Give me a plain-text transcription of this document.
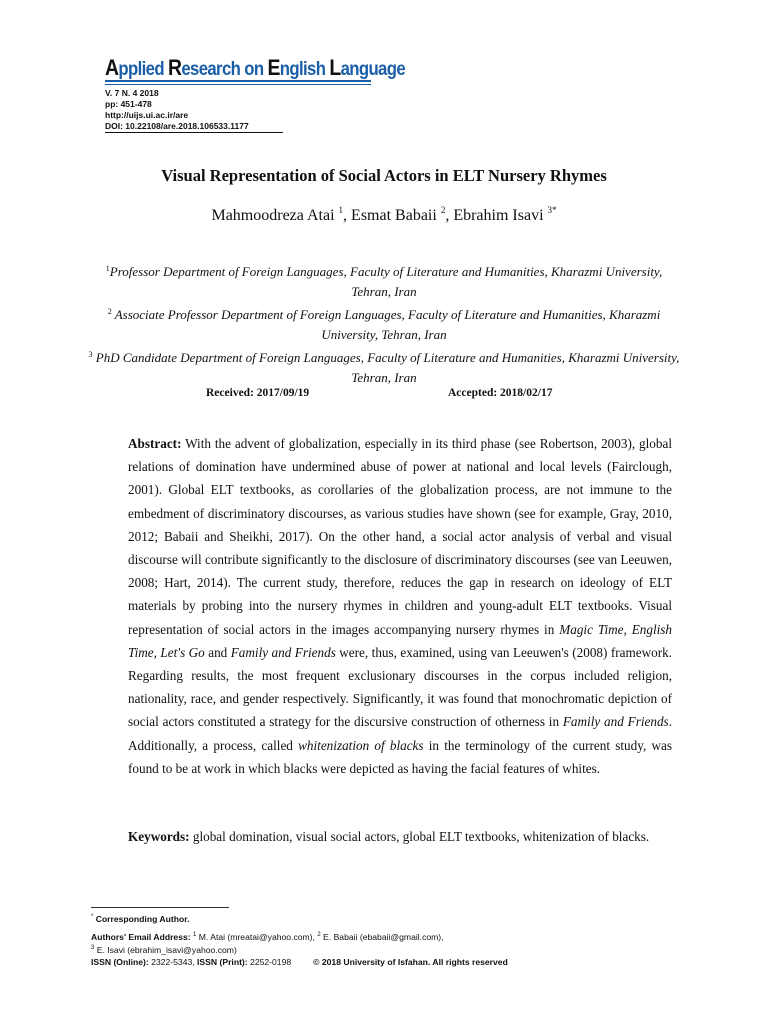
Applied Research on English Language
V. 7 N. 4 2018
pp: 451-478
http://uijs.ui.ac.ir/are
DOI: 10.22108/are.2018.106533.1177
Visual Representation of Social Actors in ELT Nursery Rhymes
Mahmoodreza Atai $^1$, Esmat Babaii $^2$, Ebrahim Isavi $^{3*}$
$^1$Professor Department of Foreign Languages, Faculty of Literature and Humanities, Kharazmi University, Tehran, Iran
$^2$ Associate Professor Department of Foreign Languages, Faculty of Literature and Humanities, Kharazmi University, Tehran, Iran
$^3$ PhD Candidate Department of Foreign Languages, Faculty of Literature and Humanities, Kharazmi University, Tehran, Iran
Received: 2017/09/19	Accepted: 2018/02/17
Abstract: With the advent of globalization, especially in its third phase (see Robertson, 2003), global relations of domination have undermined abuse of power at national and local levels (Fairclough, 2001). Global ELT textbooks, as corollaries of the globalization process, are not immune to the embedment of discriminatory discourses, as various studies have shown (see for example, Gray, 2010, 2012; Babaii and Sheikhi, 2017). On the other hand, a social actor analysis of verbal and visual discourse will contribute significantly to the disclosure of discriminatory discourses (see van Leeuwen, 2008; Hart, 2014). The current study, therefore, reduces the gap in research on ideology of ELT materials by probing into the nursery rhymes in children and young-adult ELT textbooks. Visual representation of social actors in the images accompanying nursery rhymes in Magic Time, English Time, Let's Go and Family and Friends were, thus, examined, using van Leeuwen's (2008) framework. Regarding results, the most frequent exclusionary discourses in the corpus included religion, nationality, race, and gender respectively. Significantly, it was found that monochromatic depiction of social actors constituted a strategy for the discursive construction of otherness in Family and Friends. Additionally, a process, called whitenization of blacks in the terminology of the current study, was found to be at work in which blacks were depicted as having the facial features of whites.
Keywords: global domination, visual social actors, global ELT textbooks, whitenization of blacks.
* Corresponding Author.
Authors' Email Address: $^1$ M. Atai (mreatai@yahoo.com), $^2$ E. Babaii (ebabaii@gmail.com),
$^3$ E. Isavi (ebrahim_isavi@yahoo.com)
ISSN (Online): 2322-5343, ISSN (Print): 2252-0198	© 2018 University of Isfahan. All rights reserved
